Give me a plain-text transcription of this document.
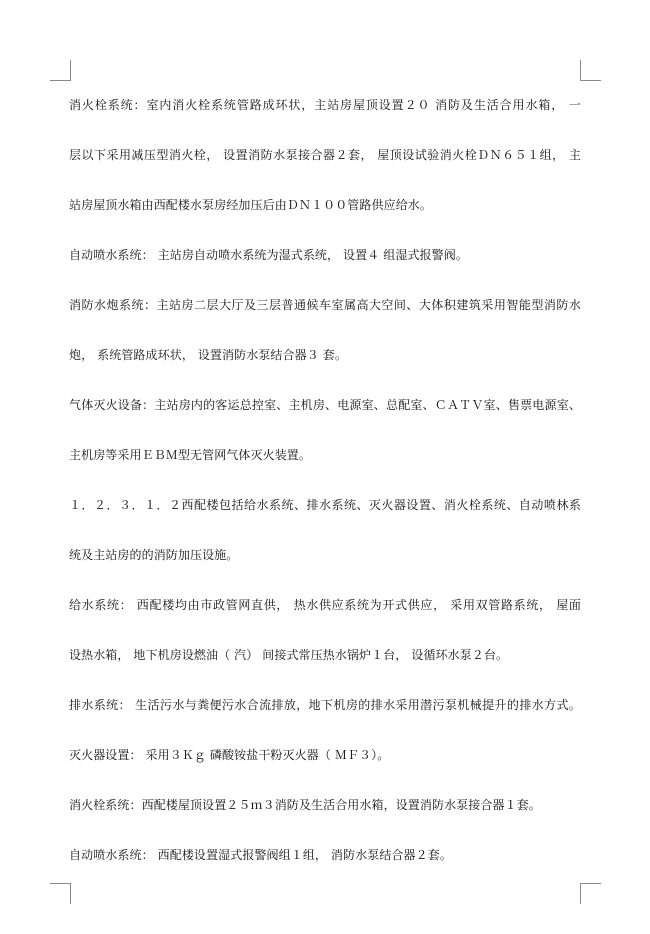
消火栓系统：室内消火栓系统管路成环状，主站房屋顶设置２０ 消防及生活合用水箱， 一
层以下采用减压型消火栓， 设置消防水泵接合器２套， 屋顶设试验消火栓ＤＮ６５１组， 主
站房屋顶水箱由西配楼水泵房经加压后由ＤＮ１００管路供应给水。
自动喷水系统： 主站房自动喷水系统为湿式系统， 设置４ 组湿式报警阀。
消防水炮系统：主站房二层大厅及三层普通候车室属高大空间、大体积建筑采用智能型消防水
炮， 系统管路成环状， 设置消防水泵结合器３ 套。
气体灭火设备：主站房内的客运总控室、主机房、电源室、总配室、ＣＡＴＶ室、售票电源室、
主机房等采用ＥＢＭ型无管网气体灭火装置。
１．２．３．１．２西配楼包括给水系统、排水系统、灭火器设置、消火栓系统、自动喷林系
统及主站房的的消防加压设施。
给水系统： 西配楼均由市政管网直供， 热水供应系统为开式供应， 采用双管路系统， 屋面
设热水箱， 地下机房设燃油（ 汽） 间接式常压热水锅炉１台， 设循环水泵２台。
排水系统： 生活污水与粪便污水合流排放，地下机房的排水采用潜污泵机械提升的排水方式。
灭火器设置： 采用３Ｋｇ 磷酸铵盐干粉灭火器（ ＭＦ３）。
消火栓系统：西配楼屋顶设置２５ｍ３消防及生活合用水箱，设置消防水泵接合器１套。
自动喷水系统： 西配楼设置湿式报警阀组１组， 消防水泵结合器２套。
